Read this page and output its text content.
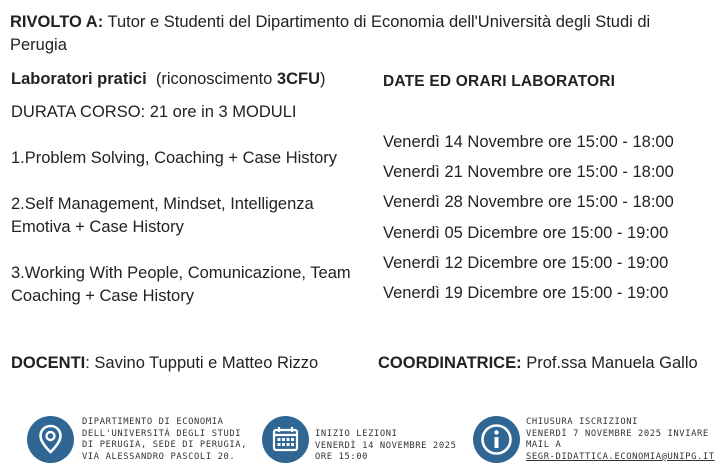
RIVOLTO A: Tutor e Studenti del Dipartimento di Economia dell'Università degli Studi di Perugia
Laboratori pratici  (riconoscimento 3CFU)
DURATA CORSO: 21 ore in 3 MODULI
1.Problem Solving, Coaching + Case History
2.Self Management, Mindset, Intelligenza Emotiva + Case History
3.Working With People, Comunicazione, Team Coaching + Case History
DATE ED ORARI LABORATORI
Venerdì 14 Novembre ore 15:00 - 18:00
Venerdì 21 Novembre ore 15:00 - 18:00
Venerdì 28 Novembre ore 15:00 - 18:00
Venerdì 05 Dicembre ore 15:00 - 19:00
Venerdì 12 Dicembre ore 15:00 - 19:00
Venerdì 19 Dicembre ore 15:00 - 19:00
DOCENTI: Savino Tupputi e Matteo Rizzo	COORDINATRICE: Prof.ssa Manuela Gallo
DIPARTIMENTO DI ECONOMIA
DELL'UNIVERSITÀ DEGLI STUDI
DI PERUGIA, SEDE DI PERUGIA,
VIA ALESSANDRO PASCOLI 20.
INIZIO LEZIONI
VENERDÌ 14 NOVEMBRE 2025
ORE 15:00
CHIUSURA ISCRIZIONI
VENERDÌ 7 NOVEMBRE 2025 INVIARE
MAIL A
SEGR-DIDATTICA.ECONOMIA@UNIPG.IT
